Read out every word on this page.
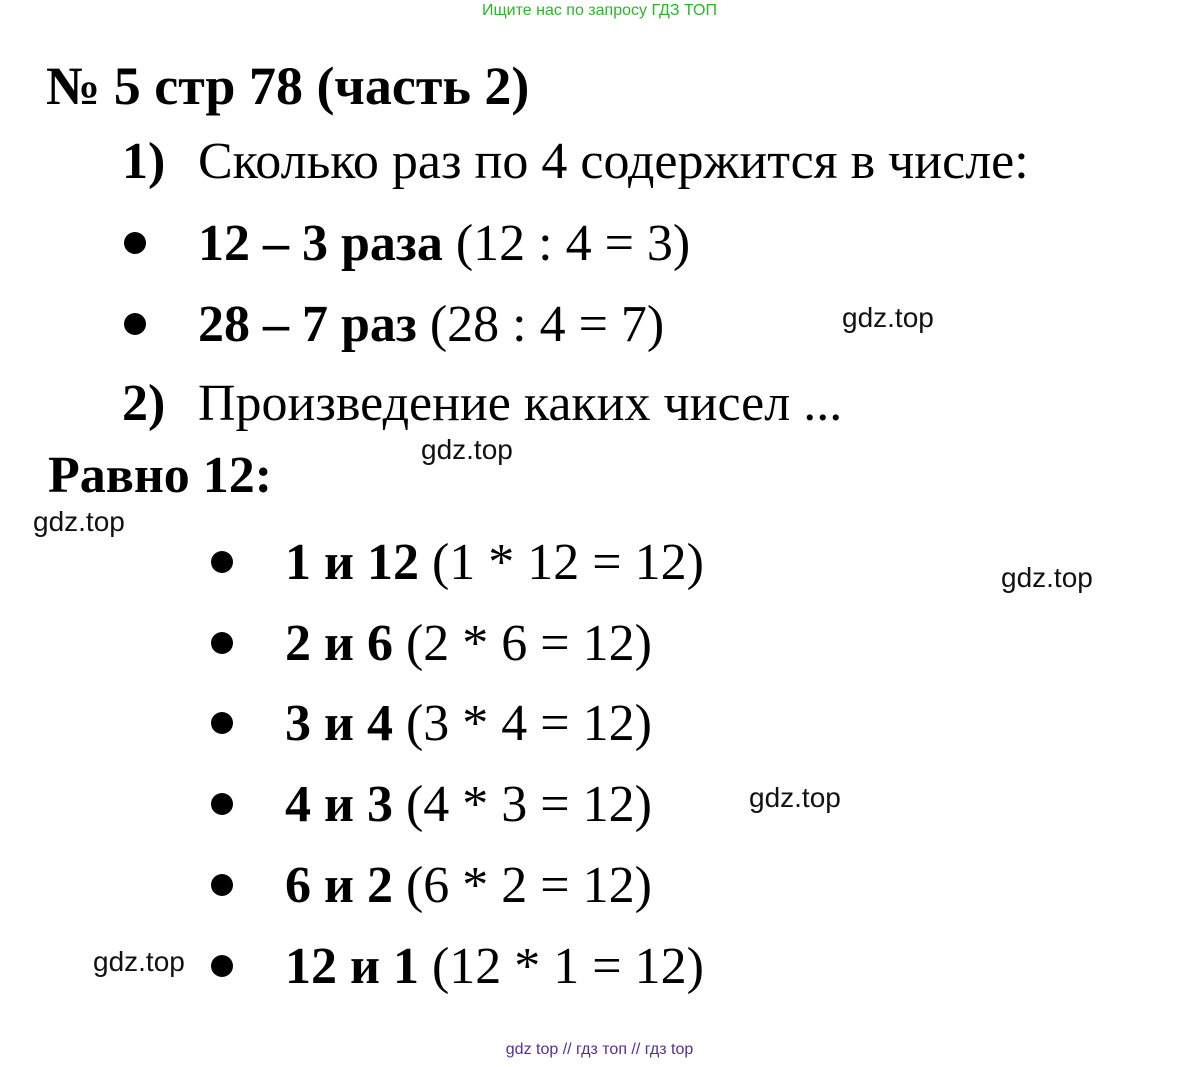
Ищите нас по запросу ГДЗ ТОП
№ 5 стр 78 (часть 2)
1) Сколько раз по 4 содержится в числе:
12 – 3 раза (12 : 4 = 3)
28 – 7 раз (28 : 4 = 7)
2) Произведение каких чисел ...
Равно 12:
1 и 12 (1 * 12 = 12)
2 и 6 (2 * 6 = 12)
3 и 4 (3 * 4 = 12)
4 и 3 (4 * 3 = 12)
6 и 2 (6 * 2 = 12)
12 и 1 (12 * 1 = 12)
gdz.top
gdz.top
gdz.top
gdz.top
gdz.top
gdz.top
gdz top // гдз топ // гдз top
